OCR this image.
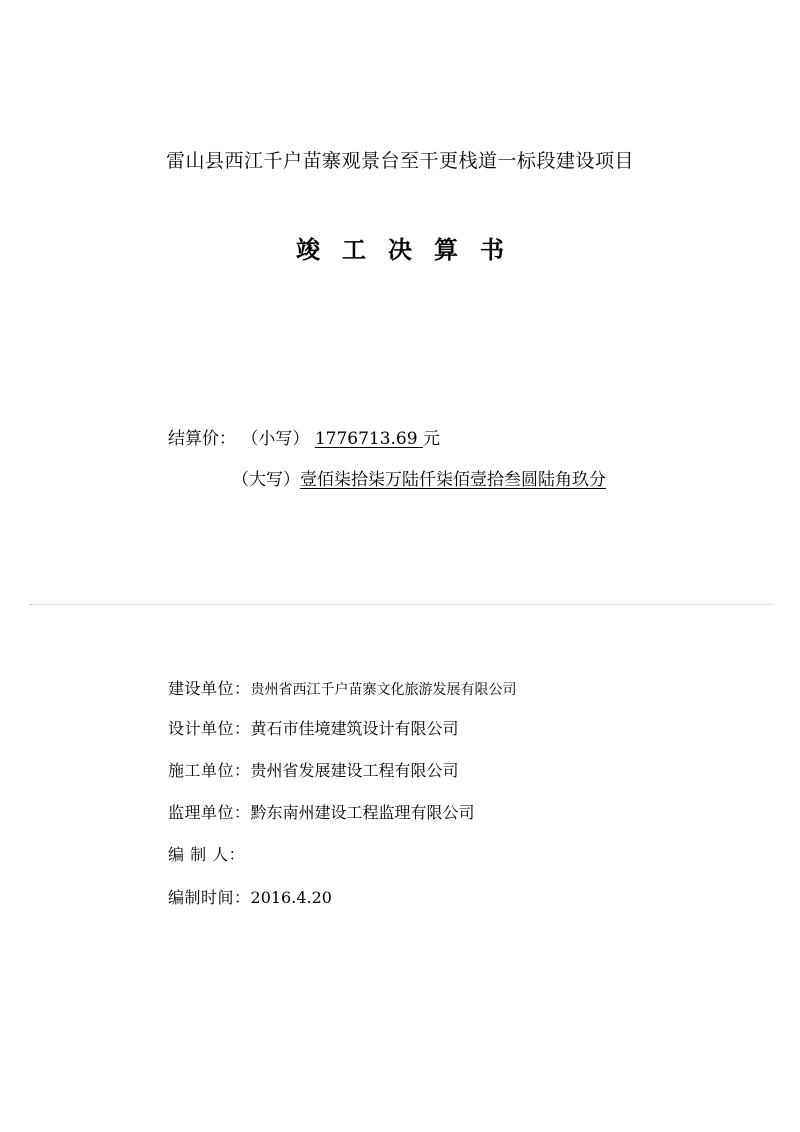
雷山县西江千户苗寨观景台至干更栈道一标段建设项目
竣工决算书
结算价： （小写） 1776713.69 元
（大写）壹佰柒拾柒万陆仟柒佰壹拾叁圆陆角玖分
建设单位：贵州省西江千户苗寨文化旅游发展有限公司
设计单位：黄石市佳境建筑设计有限公司
施工单位：贵州省发展建设工程有限公司
监理单位：黔东南州建设工程监理有限公司
编 制 人：
编制时间：2016.4.20
